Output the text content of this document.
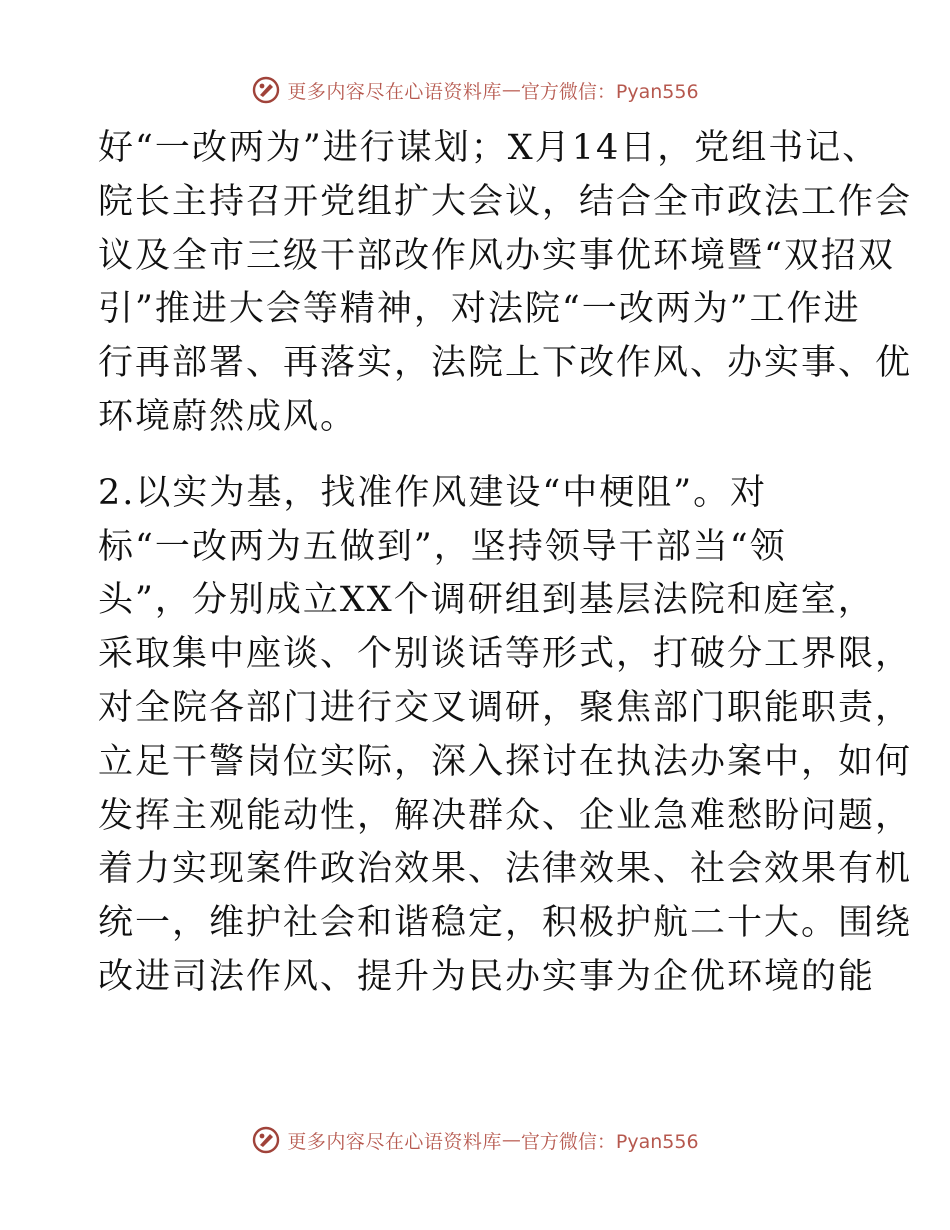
更多内容尽在心语资料库 — 官方微信：Pyan556
好“一改两为”进行谋划；X月14日，党组书记、
院长主持召开党组扩大会议，结合全市政法工作会
议及全市三级干部改作风办实事优环境暨“双招双
引”推进大会等精神，对法院“一改两为”工作进
行再部署、再落实，法院上下改作风、办实事、优
环境蔚然成风。
2.以实为基，找准作风建设“中梗阻”。对
标“一改两为五做到”，坚持领导干部当“领
头”，分别成立XX个调研组到基层法院和庭室，
采取集中座谈、个别谈话等形式，打破分工界限，
对全院各部门进行交叉调研，聚焦部门职能职责，
立足干警岗位实际，深入探讨在执法办案中，如何
发挥主观能动性，解决群众、企业急难愁盼问题，
着力实现案件政治效果、法律效果、社会效果有机
统一，维护社会和谐稳定，积极护航二十大。围绕
改进司法作风、提升为民办实事为企优环境的能
更多内容尽在心语资料库 — 官方微信：Pyan556
